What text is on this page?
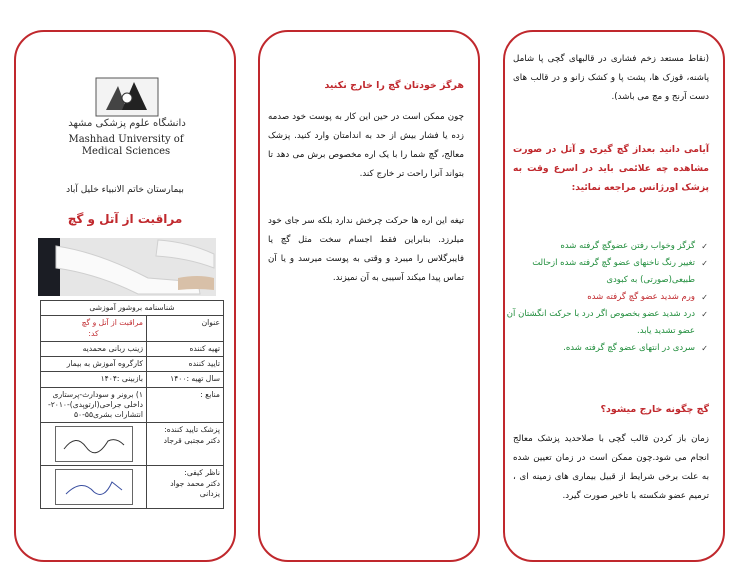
دانشگاه علوم پزشکی مشهد
Mashhad University of
Medical Sciences
بیمارستان خاتم الانبیاء خلیل آباد
مراقبت از آتل و گچ
شناسنامه بروشور آموزشی	
عنوان	مراقبت از آتل و گچ
کد:

تهیه کننده	زینب ربانی محمدیه
تایید کننده	کارگروه آموزش به بیمار
سال تهیه :۱۴۰۰	بازبینی :۱۴۰۴
منابع :	۱) برونر و سودارث-پرستاری داخلی جراحی(ارتوپدی)-۲۰۱۰- انتشارات بشری۵۵-۵۰

پزشک تایید کننده:
دکتر مجتبی قرجاد

ناظر کیفی:
دکتر محمد جواد یزدانی

هرگز خودتان گچ را خارج نکنید
چون ممکن است در حین این کار به پوست خود صدمه زده یا فشار بیش از حد به اندامتان وارد کنید. پزشک معالج، گچ شما را با یک اره مخصوص برش می دهد تا بتواند آنرا راحت تر خارج کند.
تیغه این اره ها حرکت چرخش ندارد بلکه سر جای خود میلرزد. بنابراین فقط اجسام سخت مثل گچ یا فایبرگلاس را میبرد و وقتی به پوست میرسد و یا آن تماس پیدا میکند آسیبی به آن نمیزند.
(نقاط مستعد زخم فشاری در قالبهای گچی پا شامل پاشنه، قوزک ها، پشت پا و کشک زانو و در قالب های دست آرنج و مچ می باشد).
آیامی دانید بعداز گچ گیری و آتل در صورت مشاهده چه علائمی باید در اسرع وقت به پزشک اورژانس مراجعه نمائید:
✓ گزگز وخواب رفتن عضوگچ گرفته شده
✓ تغییر رنگ ناخنهای عضو گچ گرفته شده ازحالت طبیعی(صورتی) به کبودی
✓ ورم شدید عضو گچ گرفته شده
✓ درد شدید عضو بخصوص اگر درد با حرکت انگشتان آن عضو تشدید یابد.
✓ سردی در انتهای عضو گچ گرفته شده.
گچ چگونه خارج میشود؟
زمان باز کردن قالب گچی با صلاحدید پزشک معالج انجام می شود.چون ممکن است در زمان تعیین شده به علت برخی شرایط از قبیل بیماری های زمینه ای ، ترمیم عضو شکسته با تاخیر صورت گیرد.
